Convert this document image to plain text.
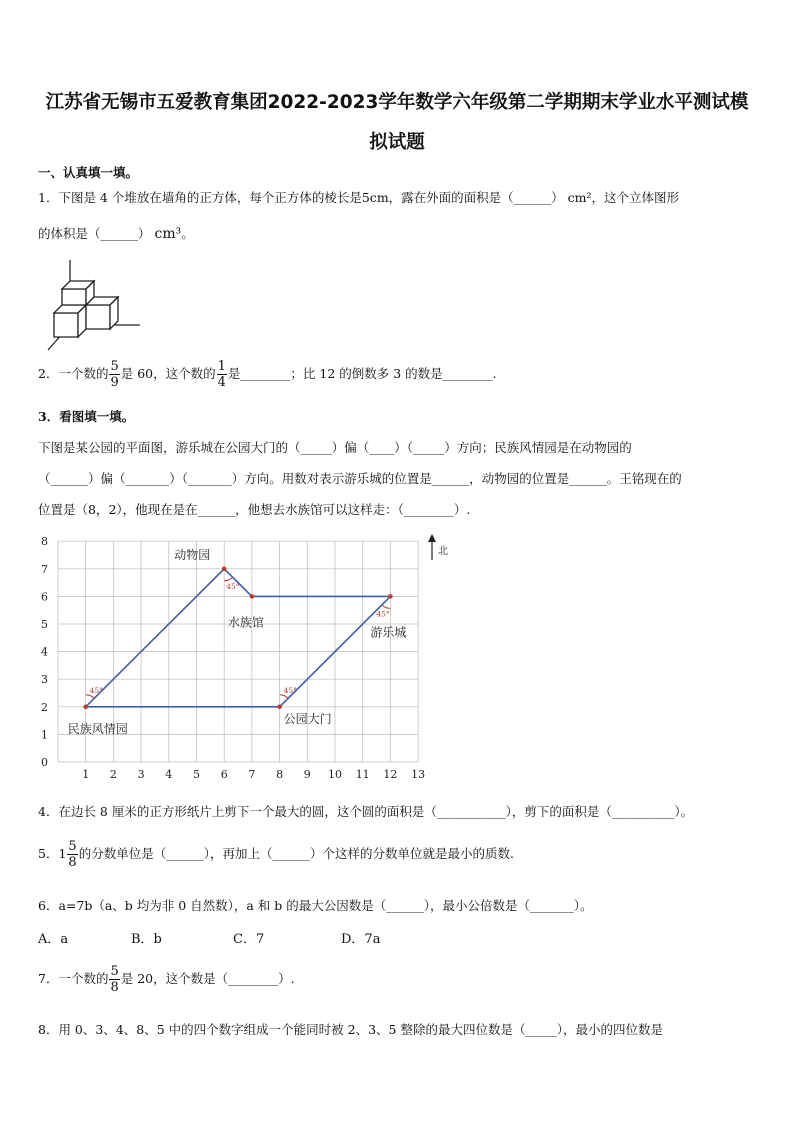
江苏省无锡市五爱教育集团2022-2023学年数学六年级第二学期期末学业水平测试模
拟试题
一、认真填一填。
1．下图是 4 个堆放在墙角的正方体，每个正方体的棱长是5cm，露在外面的面积是（______） cm²，这个立体图形
的体积是（______） cm³。
2．一个数的 $\frac{5}{9}$ 是 60，这个数的 $\frac{1}{4}$ 是________；比 12 的倒数多 3 的数是________.
3．看图填一填。
下图是某公园的平面图，游乐城在公园大门的（_____）偏（____）（_____）方向；民族风情园是在动物园的
（______）偏（_______）（_______）方向。用数对表示游乐城的位置是______，动物园的位置是______。王铭现在的
位置是（8，2），他现在是在______，他想去水族馆可以这样走：（________）.
1 2 3 4 5 6 7 8 9 10 11 12 13
0
1
2
3
4
5
6
7
8
45°	45°
45°
45°
动物园
水族馆
游乐城
公园大门
民族风情园
北
4．在边长 8 厘米的正方形纸片上剪下一个最大的圆，这个圆的面积是（___________），剪下的面积是（__________）。
5．$1 \frac{5}{8}$ 的分数单位是（______），再加上（______）个这样的分数单位就是最小的质数.
6．a=7b（a、b 均为非 0 自然数），a 和 b 的最大公因数是（______），最小公倍数是（_______）。
A．a	B．b	C．7	D．7a
7．一个数的 $\frac{5}{8}$ 是 20，这个数是（________）.
8．用 0、3、4、8、5 中的四个数字组成一个能同时被 2、3、5 整除的最大四位数是（_____），最小的四位数是
